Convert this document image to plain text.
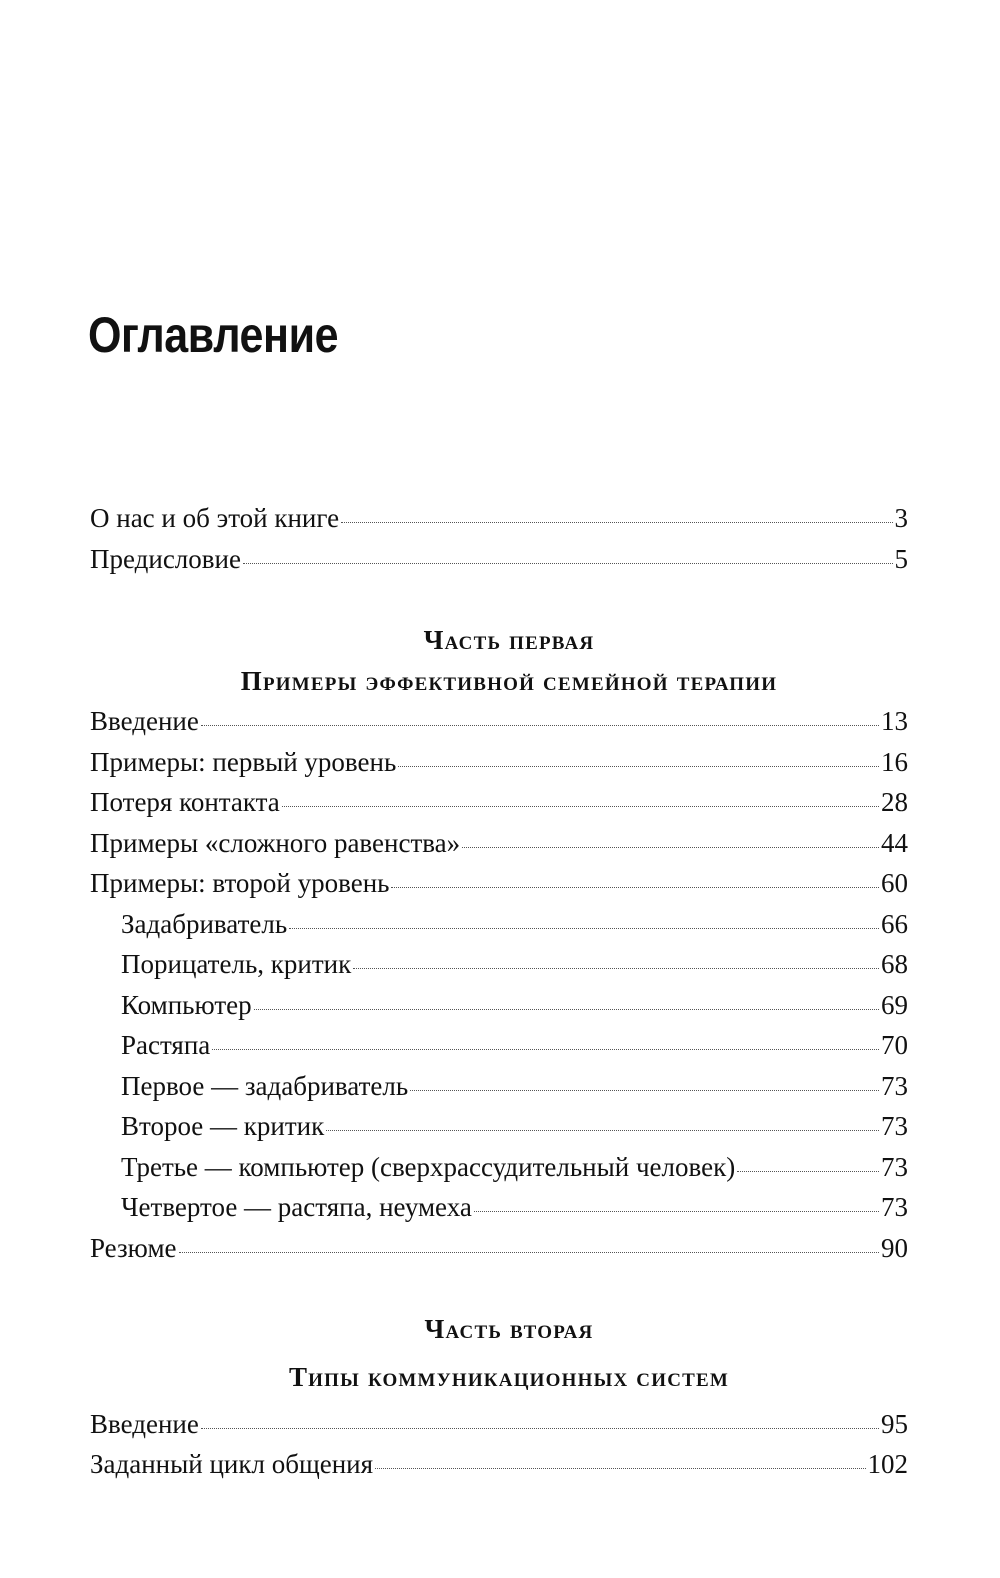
Оглавление
О нас и об этой книге	3
Предисловие	5
Часть первая
Примеры эффективной семейной терапии
Введение	13
Примеры: первый уровень	16
Потеря контакта	28
Примеры «сложного равенства»	44
Примеры: второй уровень	60
Задабриватель	66
Порицатель, критик	68
Компьютер	69
Растяпа	70
Первое — задабриватель	73
Второе — критик	73
Третье — компьютер (сверхрассудительный человек)	73
Четвертое — растяпа, неумеха	73
Резюме	90
Часть вторая
Типы коммуникационных систем
Введение	95
Заданный цикл общения	102
